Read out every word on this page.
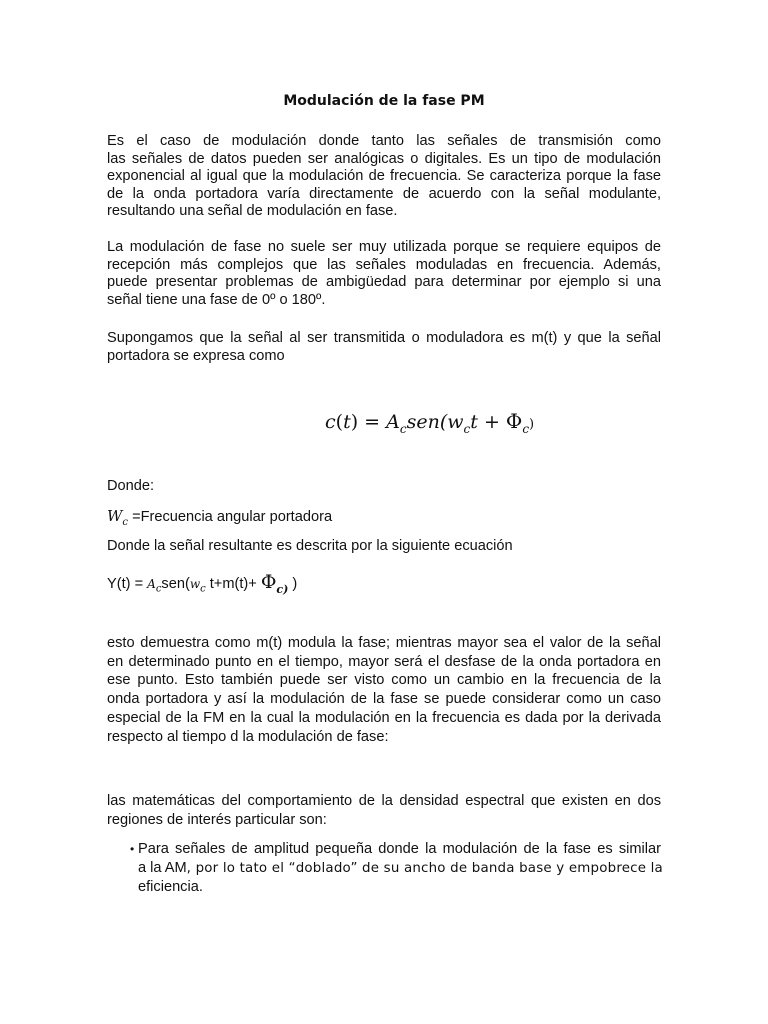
Modulación de la fase PM

Es el caso de modulación donde tanto las señales de transmisión como
las señales de datos pueden ser analógicas o digitales. Es un tipo de modulación
exponencial al igual que la modulación de frecuencia. Se caracteriza porque la fase
de la onda portadora varía directamente de acuerdo con la señal modulante,
resultando una señal de modulación en fase.

La modulación de fase no suele ser muy utilizada porque se requiere equipos de
recepción más complejos que las señales moduladas en frecuencia. Además,
puede presentar problemas de ambigüedad para determinar por ejemplo si una
señal tiene una fase de 0º o 180º.

Supongamos que la señal al ser transmitida o moduladora es m(t) y que la señal
portadora se expresa como

$c(t) = A_csen(w_ct + \Phi_c)$
Donde:
$W_c$ =Frecuencia angular portadora
Donde la señal resultante es descrita por la siguiente ecuación
$Y(t) = A_csen(w_c$ $t+m(t)+ \Phi_{c)}$ )

esto demuestra como m(t) modula la fase; mientras mayor sea el valor de la señal
en determinado punto en el tiempo, mayor será el desfase de la onda portadora en
ese punto. Esto también puede ser visto como un cambio en la frecuencia de la
onda portadora y así la modulación de la fase se puede considerar como un caso
especial de la FM en la cual la modulación en la frecuencia es dada por la derivada
respecto al tiempo d la modulación de fase:

las matemáticas del comportamiento de la densidad espectral que existen en dos
regiones de interés particular son:

• Para señales de amplitud pequeña donde la modulación de la fase es similar
a la AM, por lo tato el “doblado” de su ancho de banda base y empobrece la
eficiencia.
